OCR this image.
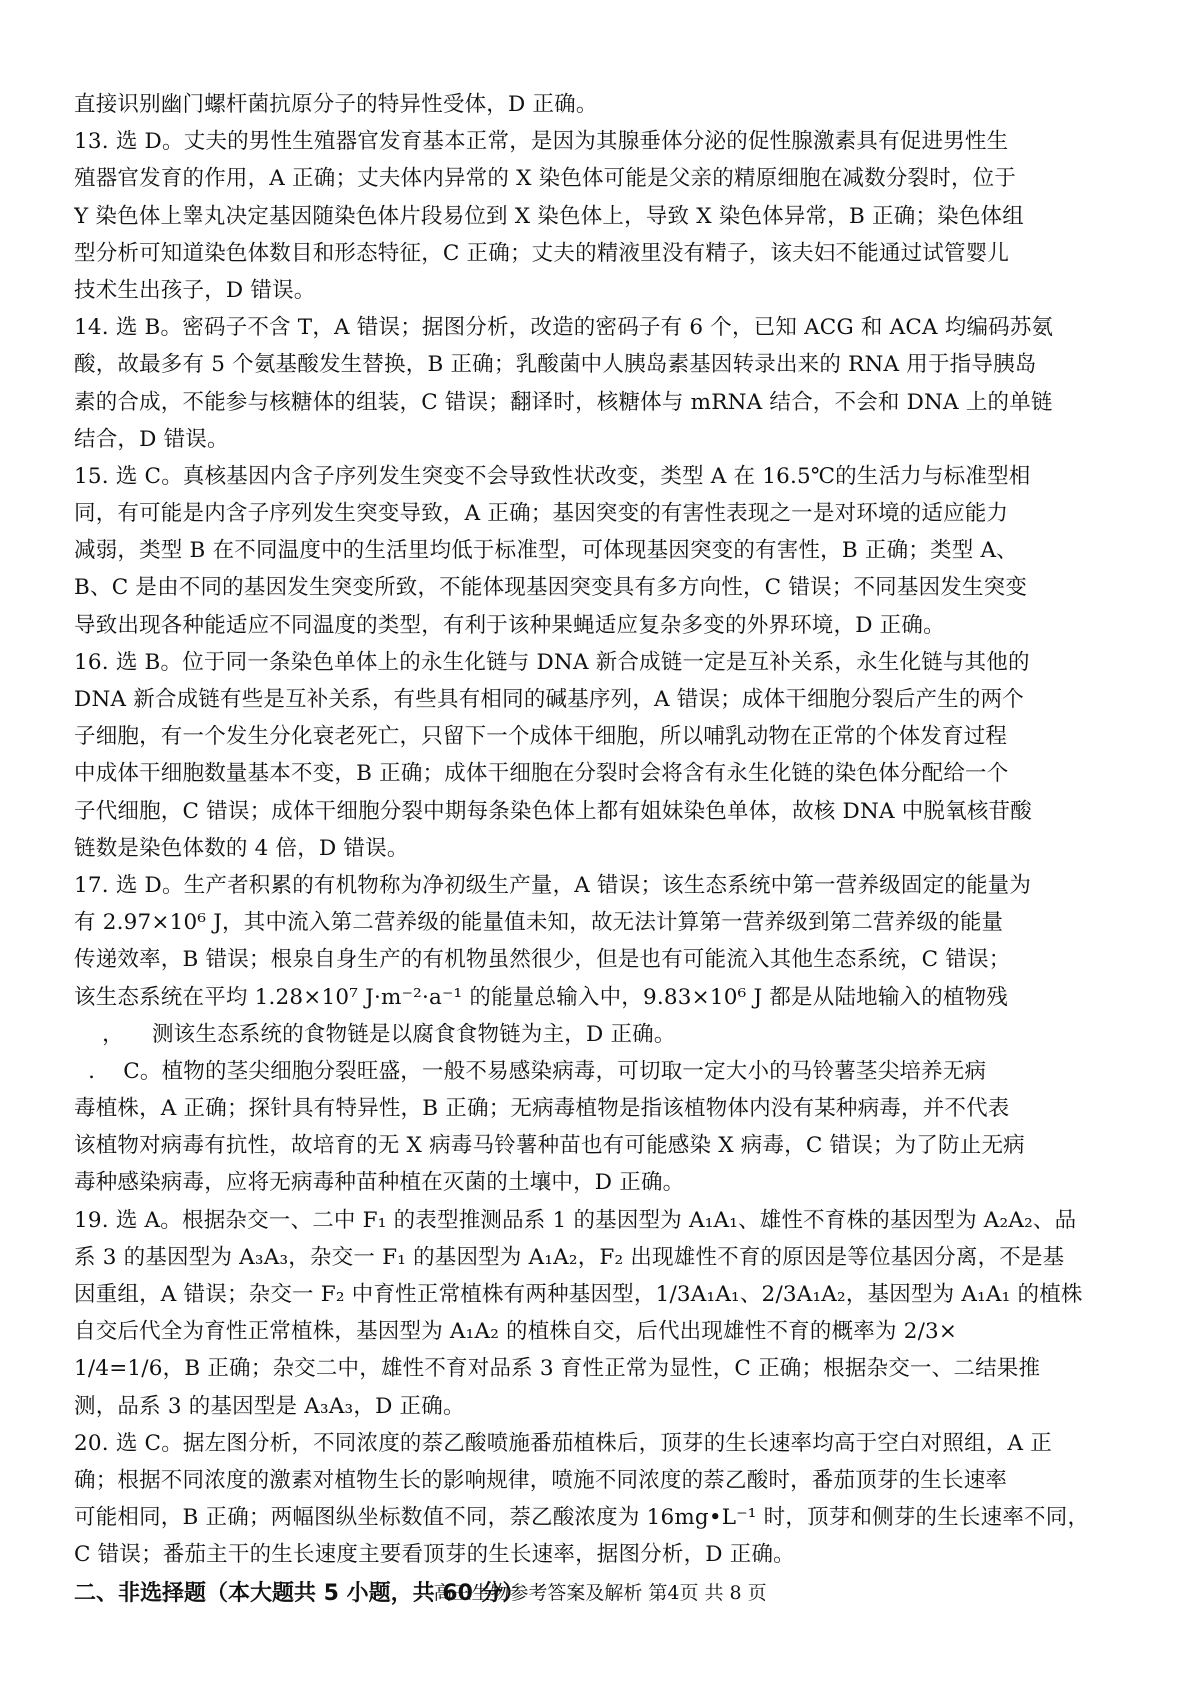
直接识别幽门螺杆菌抗原分子的特异性受体，D 正确。
13. 选 D。丈夫的男性生殖器官发育基本正常，是因为其腺垂体分泌的促性腺激素具有促进男性生
殖器官发育的作用，A 正确；丈夫体内异常的 X 染色体可能是父亲的精原细胞在减数分裂时，位于
Y 染色体上睾丸决定基因随染色体片段易位到 X 染色体上，导致 X 染色体异常，B 正确；染色体组
型分析可知道染色体数目和形态特征，C 正确；丈夫的精液里没有精子，该夫妇不能通过试管婴儿
技术生出孩子，D 错误。
14. 选 B。密码子不含 T，A 错误；据图分析，改造的密码子有 6 个，已知 ACG 和 ACA 均编码苏氨
酸，故最多有 5 个氨基酸发生替换，B 正确；乳酸菌中人胰岛素基因转录出来的 RNA 用于指导胰岛
素的合成，不能参与核糖体的组装，C 错误；翻译时，核糖体与 mRNA 结合，不会和 DNA 上的单链
结合，D 错误。
15. 选 C。真核基因内含子序列发生突变不会导致性状改变，类型 A 在 16.5℃的生活力与标准型相
同，有可能是内含子序列发生突变导致，A 正确；基因突变的有害性表现之一是对环境的适应能力
减弱，类型 B 在不同温度中的生活里均低于标准型，可体现基因突变的有害性，B 正确；类型 A、
B、C 是由不同的基因发生突变所致，不能体现基因突变具有多方向性，C 错误；不同基因发生突变
导致出现各种能适应不同温度的类型，有利于该种果蝇适应复杂多变的外界环境，D 正确。
16. 选 B。位于同一条染色单体上的永生化链与 DNA 新合成链一定是互补关系，永生化链与其他的
DNA 新合成链有些是互补关系，有些具有相同的碱基序列，A 错误；成体干细胞分裂后产生的两个
子细胞，有一个发生分化衰老死亡，只留下一个成体干细胞，所以哺乳动物在正常的个体发育过程
中成体干细胞数量基本不变，B 正确；成体干细胞在分裂时会将含有永生化链的染色体分配给一个
子代细胞，C 错误；成体干细胞分裂中期每条染色体上都有姐妹染色单体，故核 DNA 中脱氧核苷酸
链数是染色体数的 4 倍，D 错误。
17. 选 D。生产者积累的有机物称为净初级生产量，A 错误；该生态系统中第一营养级固定的能量为
有 2.97×10⁶ J，其中流入第二营养级的能量值未知，故无法计算第一营养级到第二营养级的能量
传递效率，B 错误；根泉自身生产的有机物虽然很少，但是也有可能流入其他生态系统，C 错误；
该生态系统在平均 1.28×10⁷ J·m⁻²·a⁻¹ 的能量总输入中，9.83×10⁶ J 都是从陆地输入的植物残
，    测该生态系统的食物链是以腐食食物链为主，D 正确。
.    C。植物的茎尖细胞分裂旺盛，一般不易感染病毒，可切取一定大小的马铃薯茎尖培养无病
毒植株，A 正确；探针具有特异性，B 正确；无病毒植物是指该植物体内没有某种病毒，并不代表
该植物对病毒有抗性，故培育的无 X 病毒马铃薯种苗也有可能感染 X 病毒，C 错误；为了防止无病
毒种感染病毒，应将无病毒种苗种植在灭菌的土壤中，D 正确。
19. 选 A。根据杂交一、二中 F₁ 的表型推测品系 1 的基因型为 A₁A₁、雄性不育株的基因型为 A₂A₂、品
系 3 的基因型为 A₃A₃，杂交一 F₁ 的基因型为 A₁A₂，F₂ 出现雄性不育的原因是等位基因分离，不是基
因重组，A 错误；杂交一 F₂ 中育性正常植株有两种基因型，1/3A₁A₁、2/3A₁A₂，基因型为 A₁A₁ 的植株
自交后代全为育性正常植株，基因型为 A₁A₂ 的植株自交，后代出现雄性不育的概率为 2/3×
1/4=1/6，B 正确；杂交二中，雄性不育对品系 3 育性正常为显性，C 正确；根据杂交一、二结果推
测，品系 3 的基因型是 A₃A₃，D 正确。
20. 选 C。据左图分析，不同浓度的萘乙酸喷施番茄植株后，顶芽的生长速率均高于空白对照组，A 正
确；根据不同浓度的激素对植物生长的影响规律，喷施不同浓度的萘乙酸时，番茄顶芽的生长速率
可能相同，B 正确；两幅图纵坐标数值不同，萘乙酸浓度为 16mg•L⁻¹ 时，顶芽和侧芽的生长速率不同，
C 错误；番茄主干的生长速度主要看顶芽的生长速率，据图分析，D 正确。
二、非选择题（本大题共 5 小题，共 60 分）
高三生物参考答案及解析 第4页 共 8 页
